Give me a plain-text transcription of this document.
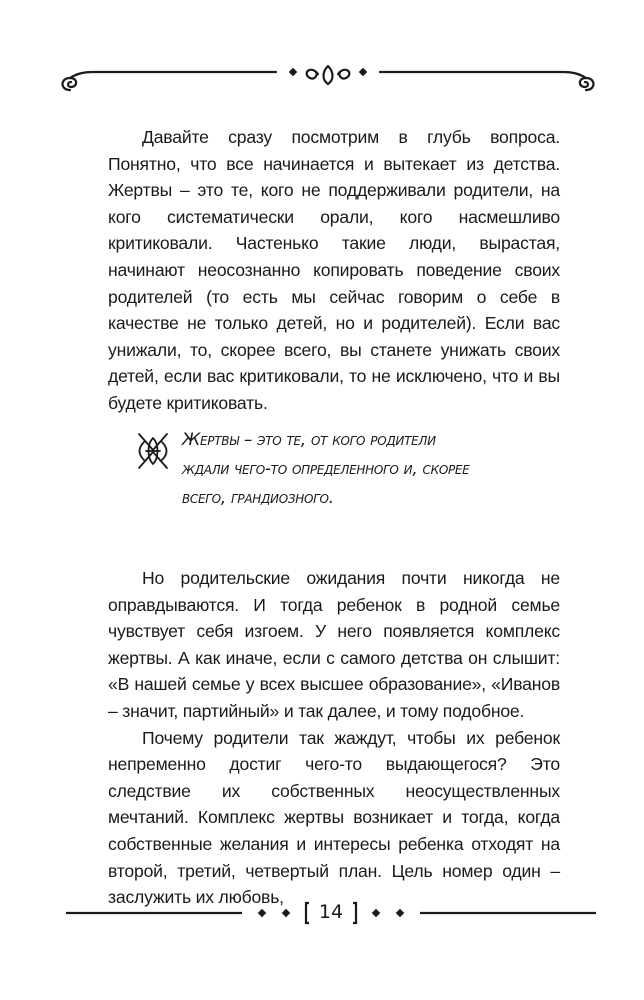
Давайте сразу посмотрим в глубь вопроса. Понятно, что все начинается и вытекает из детства. Жертвы – это те, кого не поддерживали родители, на кого систематически орали, кого насмешливо критиковали. Частенько такие люди, вырастая, начинают неосознанно копировать поведение своих родителей (то есть мы сейчас говорим о себе в качестве не только детей, но и родителей). Если вас унижали, то, скорее всего, вы станете унижать своих детей, если вас критиковали, то не исключено, что и вы будете критиковать.

Жертвы – это те, от кого родители
ждали чего-то определенного и, скорее
всего, грандиозного.

Но родительские ожидания почти никогда не оправдываются. И тогда ребенок в родной семье чувствует себя изгоем. У него появляется комплекс жертвы. А как иначе, если с самого детства он слышит: «В нашей семье у всех высшее образование», «Иванов – значит, партийный» и так далее, и тому подобное.

Почему родители так жаждут, чтобы их ребенок непременно достиг чего-то выдающегося? Это следствие их собственных неосуществленных мечтаний. Комплекс жертвы возникает и тогда, когда собственные желания и интересы ребенка отходят на второй, третий, четвертый план. Цель номер один – заслужить их любовь,

14
